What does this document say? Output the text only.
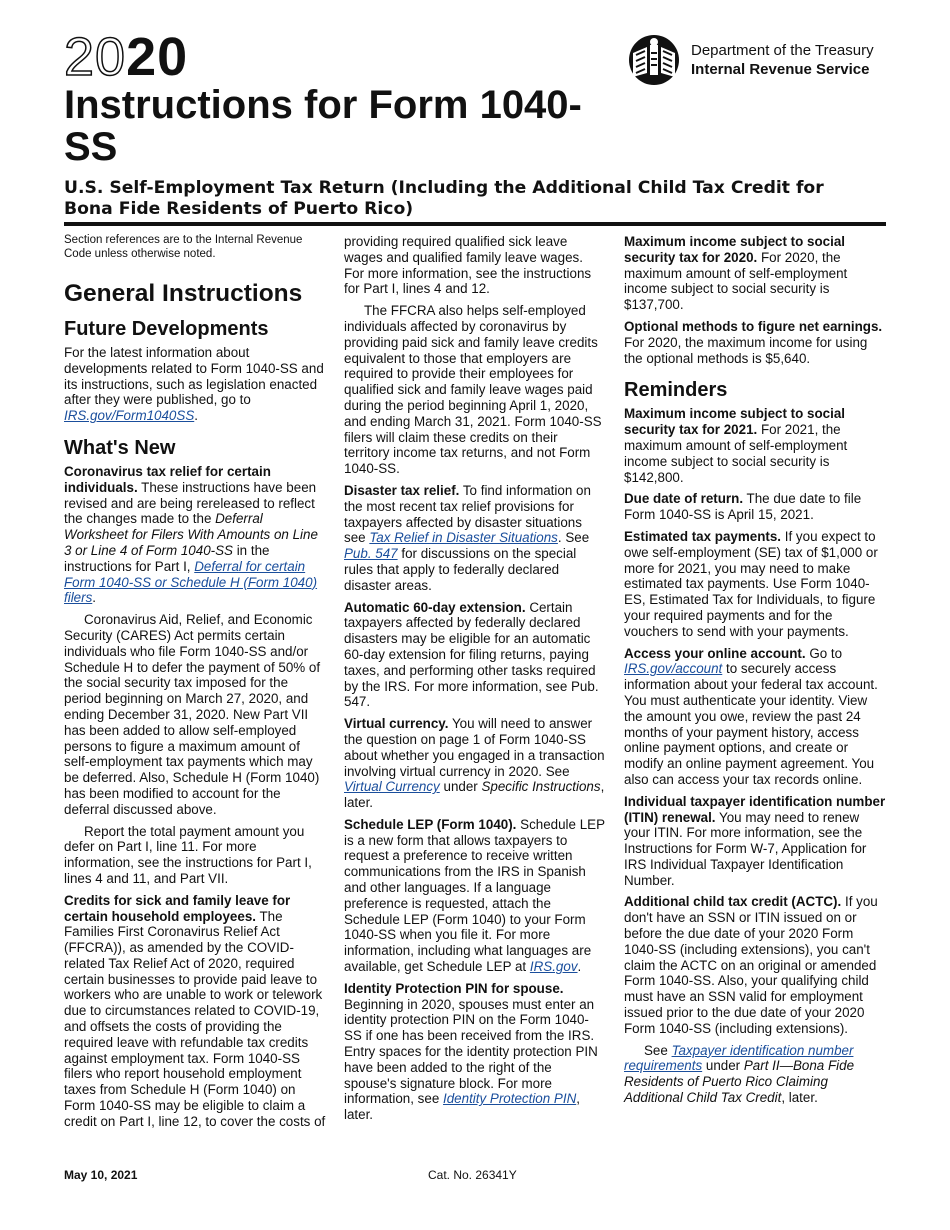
2020
Instructions for Form 1040-SS
Department of the Treasury
Internal Revenue Service
U.S. Self-Employment Tax Return (Including the Additional Child Tax Credit for Bona Fide Residents of Puerto Rico)

Section references are to the Internal Revenue Code unless otherwise noted.

General Instructions
Future Developments

For the latest information about developments related to Form 1040-SS and its instructions, such as legislation enacted after they were published, go to IRS.gov/Form1040SS.

What's New

Coronavirus tax relief for certain individuals. These instructions have been revised and are being rereleased to reflect the changes made to the Deferral Worksheet for Filers With Amounts on Line 3 or Line 4 of Form 1040-SS in the instructions for Part I, Deferral for certain Form 1040-SS or Schedule H (Form 1040) filers.

Coronavirus Aid, Relief, and Economic Security (CARES) Act permits certain individuals who file Form 1040-SS and/or Schedule H to defer the payment of 50% of the social security tax imposed for the period beginning on March 27, 2020, and ending December 31, 2020. New Part VII has been added to allow self-employed persons to figure a maximum amount of self-employment tax payments which may be deferred. Also, Schedule H (Form 1040) has been modified to account for the deferral discussed above.

Report the total payment amount you defer on Part I, line 11. For more information, see the instructions for Part I, lines 4 and 11, and Part VII.

Credits for sick and family leave for certain household employees. The Families First Coronavirus Relief Act (FFCRA)), as amended by the COVID-related Tax Relief Act of 2020, required certain businesses to provide paid leave to workers who are unable to work or telework due to circumstances related to COVID-19, and offsets the costs of providing the required leave with refundable tax credits against employment tax. Form 1040-SS filers who report household employment taxes from Schedule H (Form 1040) on Form 1040-SS may be eligible to claim a credit on Part I, line 12, to cover the costs of

providing required qualified sick leave wages and qualified family leave wages. For more information, see the instructions for Part I, lines 4 and 12.

The FFCRA also helps self-employed individuals affected by coronavirus by providing paid sick and family leave credits equivalent to those that employers are required to provide their employees for qualified sick and family leave wages paid during the period beginning April 1, 2020, and ending March 31, 2021. Form 1040-SS filers will claim these credits on their territory income tax returns, and not Form 1040-SS.

Disaster tax relief. To find information on the most recent tax relief provisions for taxpayers affected by disaster situations see Tax Relief in Disaster Situations. See Pub. 547 for discussions on the special rules that apply to federally declared disaster areas.

Automatic 60-day extension. Certain taxpayers affected by federally declared disasters may be eligible for an automatic 60-day extension for filing returns, paying taxes, and performing other tasks required by the IRS. For more information, see Pub. 547.

Virtual currency. You will need to answer the question on page 1 of Form 1040-SS about whether you engaged in a transaction involving virtual currency in 2020. See Virtual Currency under Specific Instructions, later.

Schedule LEP (Form 1040). Schedule LEP is a new form that allows taxpayers to request a preference to receive written communications from the IRS in Spanish and other languages. If a language preference is requested, attach the Schedule LEP (Form 1040) to your Form 1040-SS when you file it. For more information, including what languages are available, get Schedule LEP at IRS.gov.

Identity Protection PIN for spouse. Beginning in 2020, spouses must enter an identity protection PIN on the Form 1040-SS if one has been received from the IRS. Entry spaces for the identity protection PIN have been added to the right of the spouse's signature block. For more information, see Identity Protection PIN, later.

Maximum income subject to social security tax for 2020. For 2020, the maximum amount of self-employment income subject to social security is $137,700.

Optional methods to figure net earnings. For 2020, the maximum income for using the optional methods is $5,640.

Reminders

Maximum income subject to social security tax for 2021. For 2021, the maximum amount of self-employment income subject to social security is $142,800.

Due date of return. The due date to file Form 1040-SS is April 15, 2021.

Estimated tax payments. If you expect to owe self-employment (SE) tax of $1,000 or more for 2021, you may need to make estimated tax payments. Use Form 1040-ES, Estimated Tax for Individuals, to figure your required payments and for the vouchers to send with your payments.

Access your online account. Go to IRS.gov/account to securely access information about your federal tax account. You must authenticate your identity. View the amount you owe, review the past 24 months of your payment history, access online payment options, and create or modify an online payment agreement. You also can access your tax records online.

Individual taxpayer identification number (ITIN) renewal. You may need to renew your ITIN. For more information, see the Instructions for Form W-7, Application for IRS Individual Taxpayer Identification Number.

Additional child tax credit (ACTC). If you don't have an SSN or ITIN issued on or before the due date of your 2020 Form 1040-SS (including extensions), you can't claim the ACTC on an original or amended Form 1040-SS. Also, your qualifying child must have an SSN valid for employment issued prior to the due date of your 2020 Form 1040-SS (including extensions).

See Taxpayer identification number requirements under Part II—Bona Fide Residents of Puerto Rico Claiming Additional Child Tax Credit, later.

May 10, 2021	Cat. No. 26341Y
